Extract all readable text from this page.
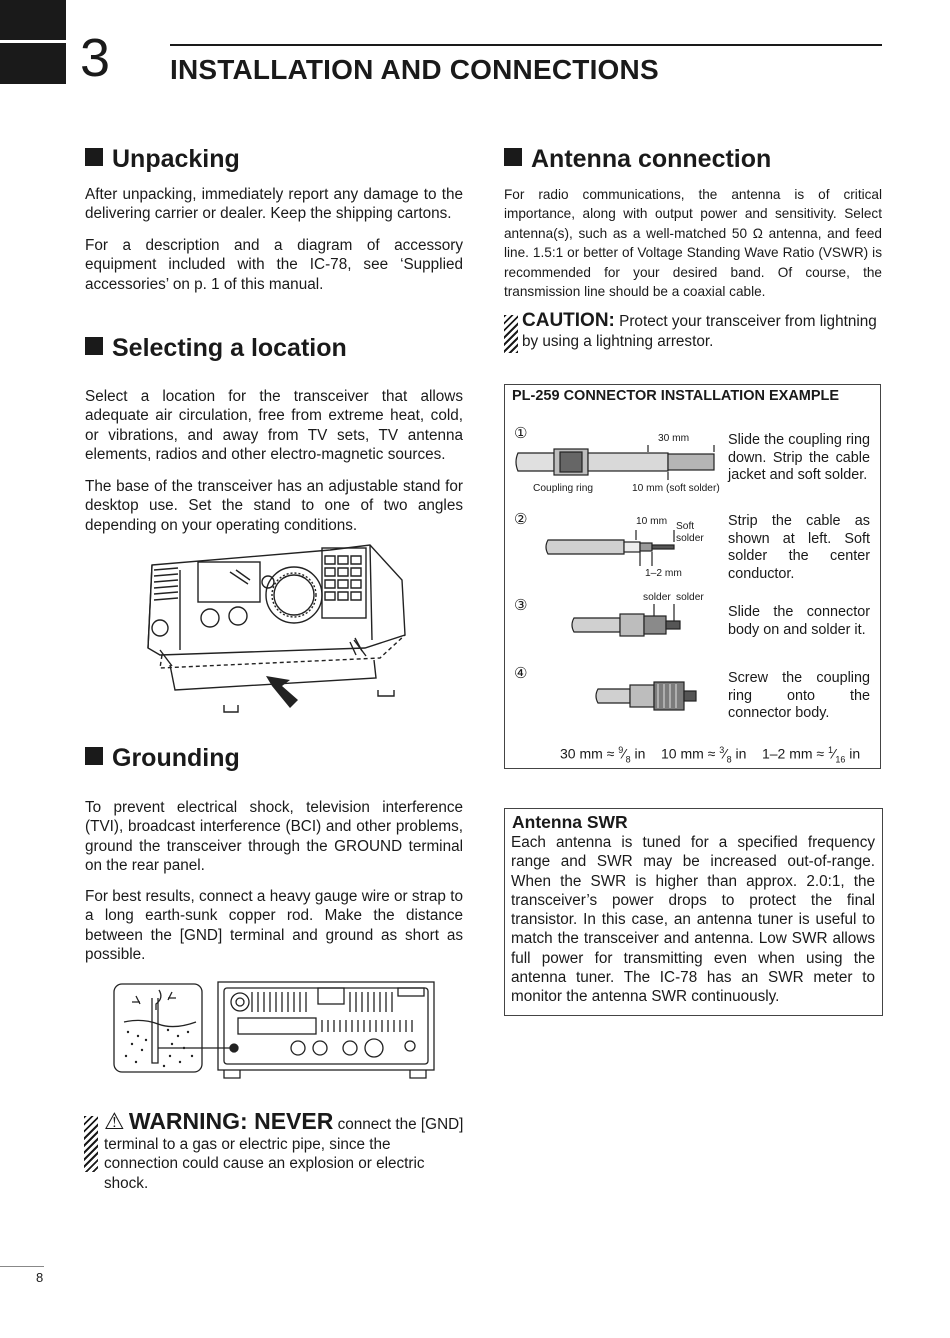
3 INSTALLATION AND CONNECTIONS
Unpacking
After unpacking, immediately report any damage to the delivering carrier or dealer. Keep the shipping cartons.
For a description and a diagram of accessory equipment included with the IC-78, see ‘Supplied accessories’ on p. 1 of this manual.
Selecting a location
Select a location for the transceiver that allows adequate air circulation, free from extreme heat, cold, or vibrations, and away from TV sets, TV antenna elements, radios and other electro-magnetic sources.
The base of the transceiver has an adjustable stand for desktop use. Set the stand to one of two angles depending on your operating conditions.
Grounding
To prevent electrical shock, television interference (TVI), broadcast interference (BCI) and other problems, ground the transceiver through the GROUND terminal on the rear panel.
For best results, connect a heavy gauge wire or strap to a long earth-sunk copper rod. Make the distance between the [GND] terminal and ground as short as possible.
⚠ WARNING: NEVER connect the [GND] terminal to a gas or electric pipe, since the connection could cause an explosion or electric shock.
Antenna connection
For radio communications, the antenna is of critical importance, along with output power and sensitivity. Select antenna(s), such as a well-matched 50 Ω antenna, and feed line. 1.5:1 or better of Voltage Standing Wave Ratio (VSWR) is recommended for your desired band. Of course, the transmission line should be a coaxial cable.
CAUTION: Protect your transceiver from lightning by using a lightning arrestor.
PL-259 CONNECTOR INSTALLATION EXAMPLE
①
②
③
④
Slide the coupling ring down. Strip the cable jacket and soft solder.
Strip the cable as shown at left. Soft solder the center conductor.
Slide the connector body on and solder it.
Screw the coupling ring onto the connector body.
30 mm
Coupling ring	10 mm (soft solder)
10 mm Soft
solder
1–2 mm
solder solder
30 mm ≈ $^9⁄_8$ in 10 mm ≈ $^3⁄_8$ in 1–2 mm ≈ $^1⁄_{16}$ in
Antenna SWR
Each antenna is tuned for a specified frequency range and SWR may be increased out-of-range. When the SWR is higher than approx. 2.0:1, the transceiver’s power drops to protect the final transistor. In this case, an antenna tuner is useful to match the transceiver and antenna. Low SWR allows full power for transmitting even when using the antenna tuner. The IC-78 has an SWR meter to monitor the antenna SWR continuously.
8
